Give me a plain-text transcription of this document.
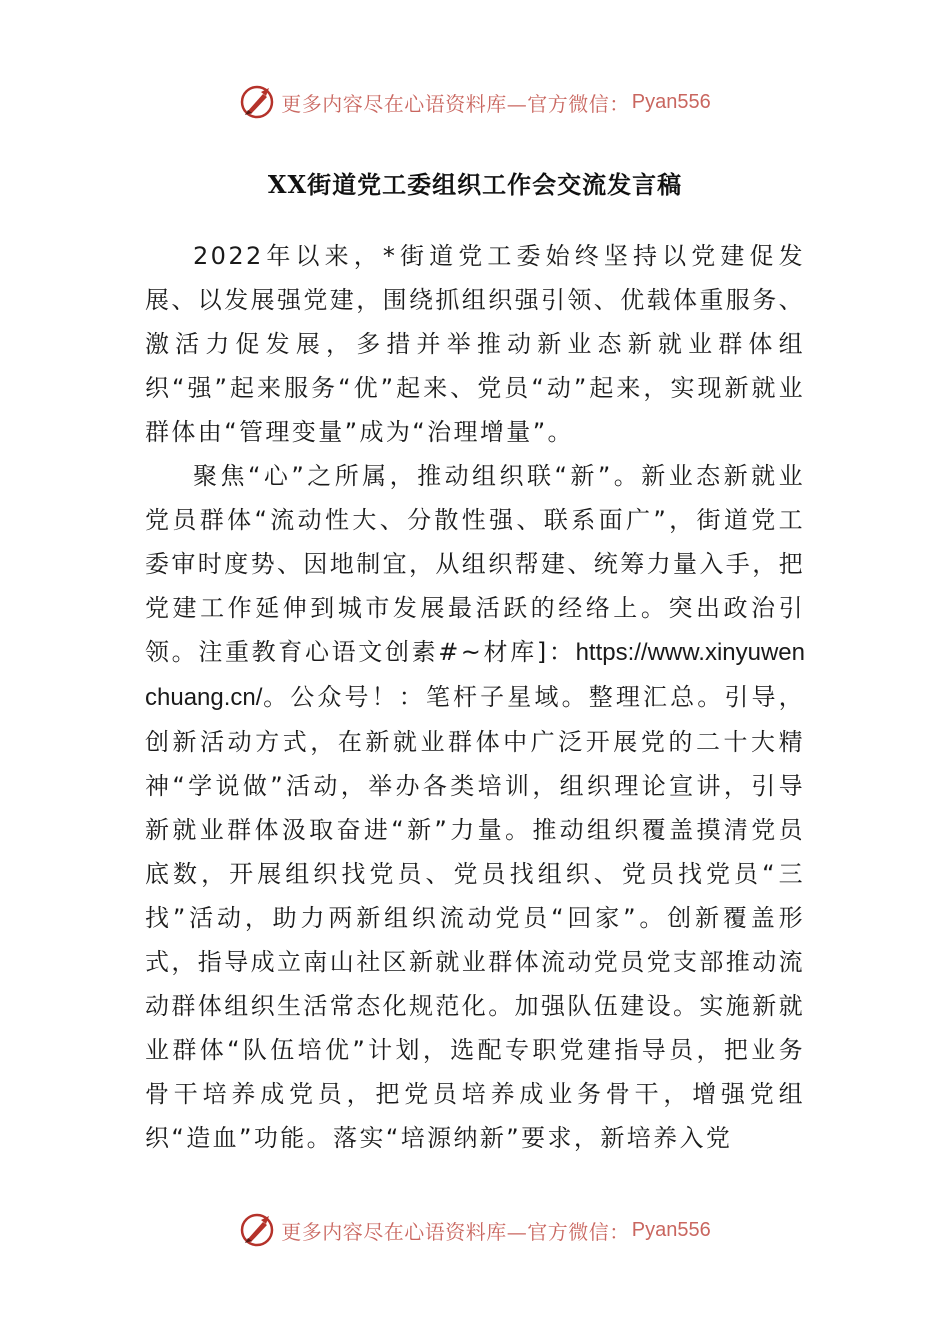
更多内容尽在心语资料库—官方微信： Pyan556
XX街道党工委组织工作会交流发言稿

2022年以来，*街道党工委始终坚持以党建促发展、以发展强党建，围绕抓组织强引领、优载体重服务、激活力促发展，多措并举推动新业态新就业群体组织“强”起来服务“优”起来、党员“动”起来，实现新就业群体由“管理变量”成为“治理增量”。

聚焦“心”之所属，推动组织联“新”。新业态新就业党员群体“流动性大、分散性强、联系面广”，街道党工委审时度势、因地制宜，从组织帮建、统筹力量入手，把党建工作延伸到城市发展最活跃的经络上。突出政治引领。注重教育心语文创素#~材库]：https://www.xinyuwenchuang.cn/。公众号！：笔杆子星域。整理汇总。引导，创新活动方式，在新就业群体中广泛开展党的二十大精神“学说做”活动，举办各类培训，组织理论宣讲，引导新就业群体汲取奋进“新”力量。推动组织覆盖摸清党员底数，开展组织找党员、党员找组织、党员找党员“三找”活动，助力两新组织流动党员“回家”。创新覆盖形式，指导成立南山社区新就业群体流动党员党支部推动流动群体组织生活常态化规范化。加强队伍建设。实施新就业群体“队伍培优”计划，选配专职党建指导员，把业务骨干培养成党员，把党员培养成业务骨干，增强党组织“造血”功能。落实“培源纳新”要求，新培养入党

更多内容尽在心语资料库—官方微信： Pyan556
